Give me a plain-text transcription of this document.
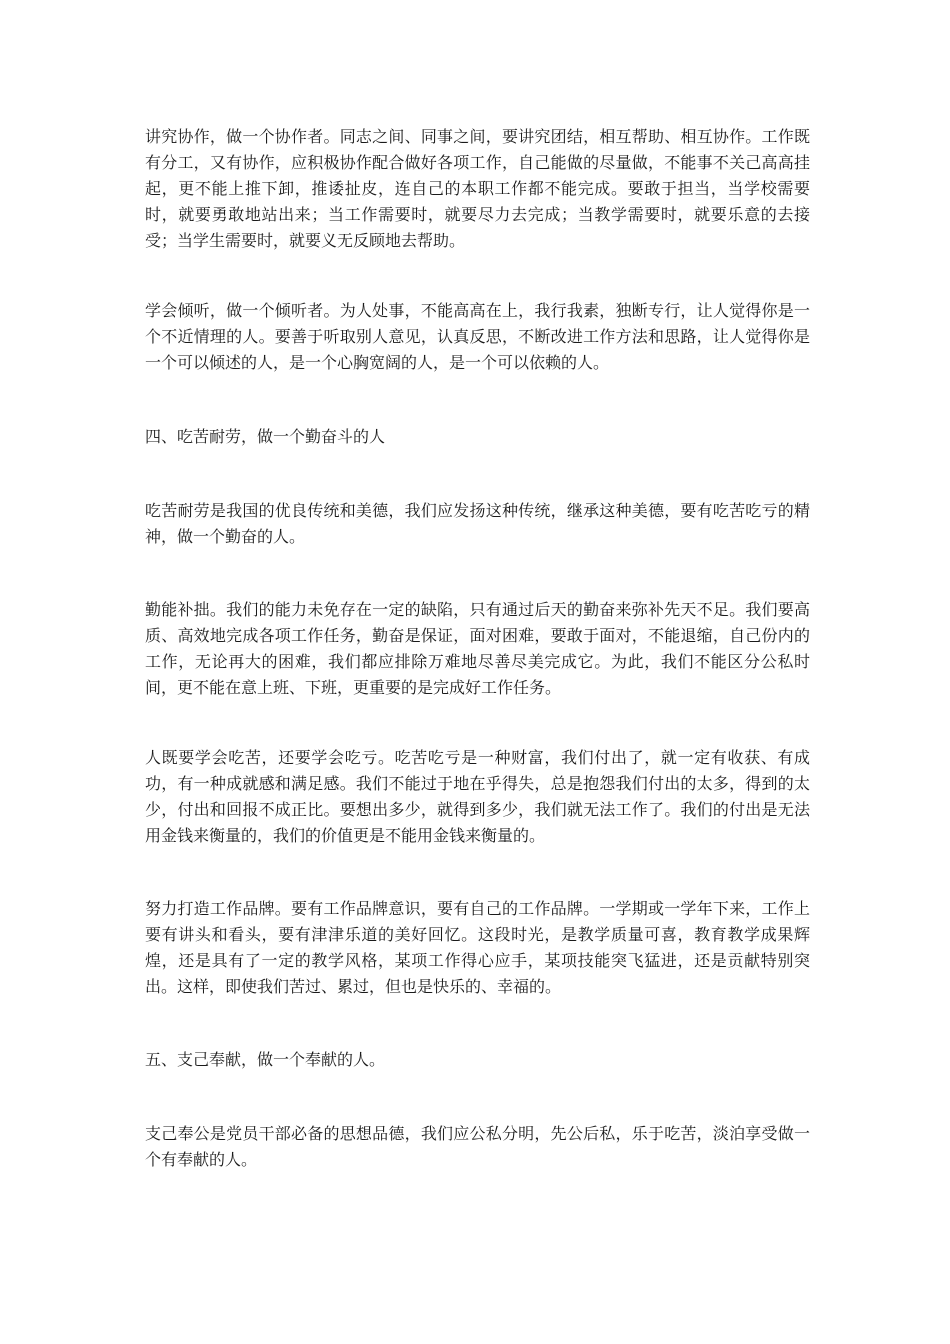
讲究协作，做一个协作者。同志之间、同事之间，要讲究团结，相互帮助、相互协作。工作既有分工，又有协作，应积极协作配合做好各项工作，自己能做的尽量做，不能事不关己高高挂起，更不能上推下卸，推诿扯皮，连自己的本职工作都不能完成。要敢于担当，当学校需要时，就要勇敢地站出来；当工作需要时，就要尽力去完成；当教学需要时，就要乐意的去接受；当学生需要时，就要义无反顾地去帮助。

学会倾听，做一个倾听者。为人处事，不能高高在上，我行我素，独断专行，让人觉得你是一个不近情理的人。要善于听取别人意见，认真反思，不断改进工作方法和思路，让人觉得你是一个可以倾述的人，是一个心胸宽阔的人，是一个可以依赖的人。

四、吃苦耐劳，做一个勤奋斗的人

吃苦耐劳是我国的优良传统和美德，我们应发扬这种传统，继承这种美德，要有吃苦吃亏的精神，做一个勤奋的人。

勤能补拙。我们的能力未免存在一定的缺陷，只有通过后天的勤奋来弥补先天不足。我们要高质、高效地完成各项工作任务，勤奋是保证，面对困难，要敢于面对，不能退缩，自己份内的工作，无论再大的困难，我们都应排除万难地尽善尽美完成它。为此，我们不能区分公私时间，更不能在意上班、下班，更重要的是完成好工作任务。

人既要学会吃苦，还要学会吃亏。吃苦吃亏是一种财富，我们付出了，就一定有收获、有成功，有一种成就感和满足感。我们不能过于地在乎得失，总是抱怨我们付出的太多，得到的太少，付出和回报不成正比。要想出多少，就得到多少，我们就无法工作了。我们的付出是无法用金钱来衡量的，我们的价值更是不能用金钱来衡量的。

努力打造工作品牌。要有工作品牌意识，要有自己的工作品牌。一学期或一学年下来，工作上要有讲头和看头，要有津津乐道的美好回忆。这段时光，是教学质量可喜，教育教学成果辉煌，还是具有了一定的教学风格，某项工作得心应手，某项技能突飞猛进，还是贡献特别突出。这样，即使我们苦过、累过，但也是快乐的、幸福的。

五、支己奉献，做一个奉献的人。

支己奉公是党员干部必备的思想品德，我们应公私分明，先公后私，乐于吃苦，淡泊享受做一个有奉献的人。
